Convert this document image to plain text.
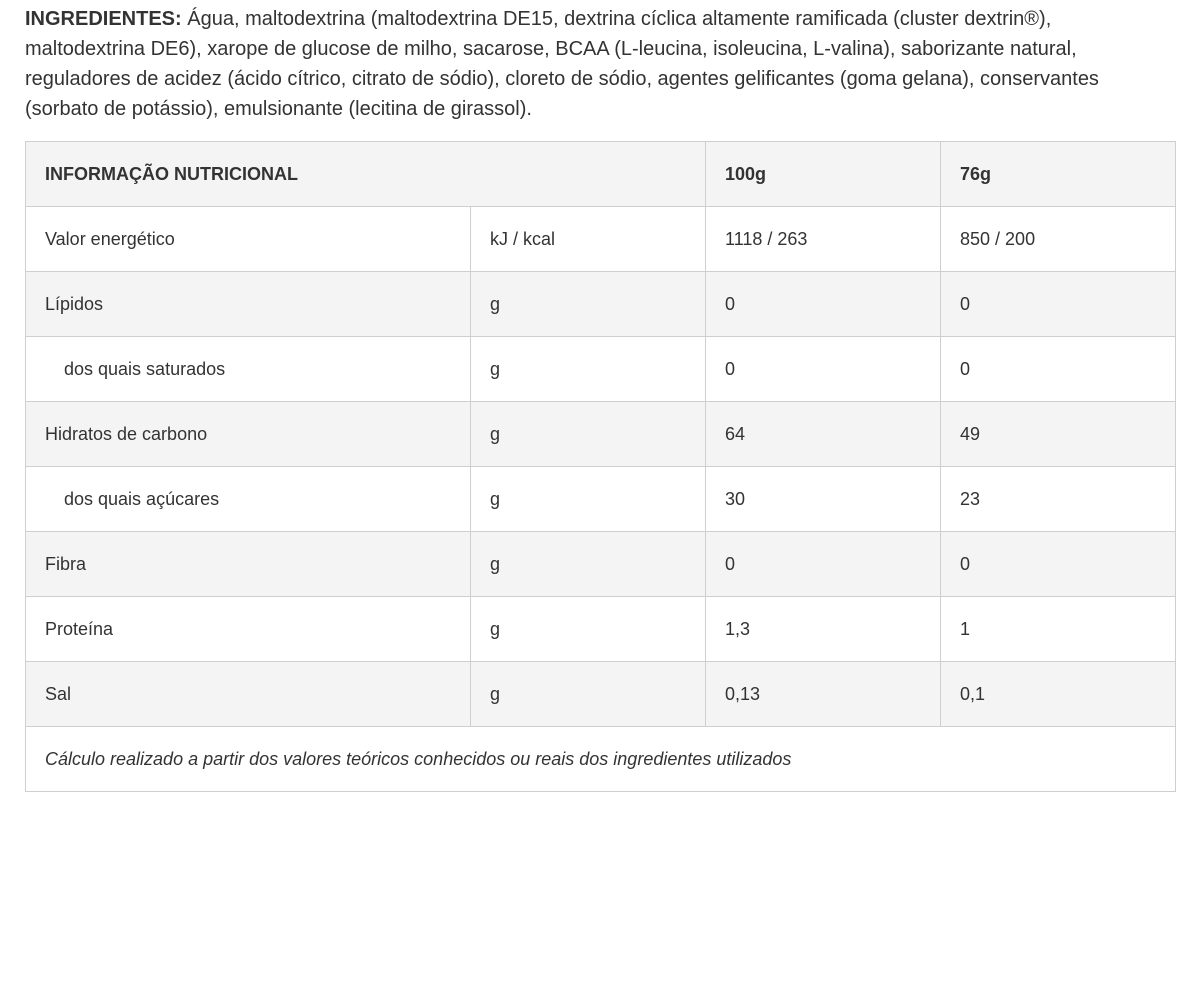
INGREDIENTES: Água, maltodextrina (maltodextrina DE15, dextrina cíclica altamente ramificada (cluster dextrin®), maltodextrina DE6), xarope de glucose de milho, sacarose, BCAA (L-leucina, isoleucina, L-valina), saborizante natural, reguladores de acidez (ácido cítrico, citrato de sódio), cloreto de sódio, agentes gelificantes (goma gelana), conservantes (sorbato de potássio), emulsionante (lecitina de girassol).

INFORMAÇÃO NUTRICIONAL		100g	76g
Valor energético	kJ / kcal	1118 / 263	850 / 200
Lípidos	g	0	0
dos quais saturados	g	0	0
Hidratos de carbono	g	64	49
dos quais açúcares	g	30	23
Fibra	g	0	0
Proteína	g	1,3	1
Sal	g	0,13	0,1
Cálculo realizado a partir dos valores teóricos conhecidos ou reais dos ingredientes utilizados			
